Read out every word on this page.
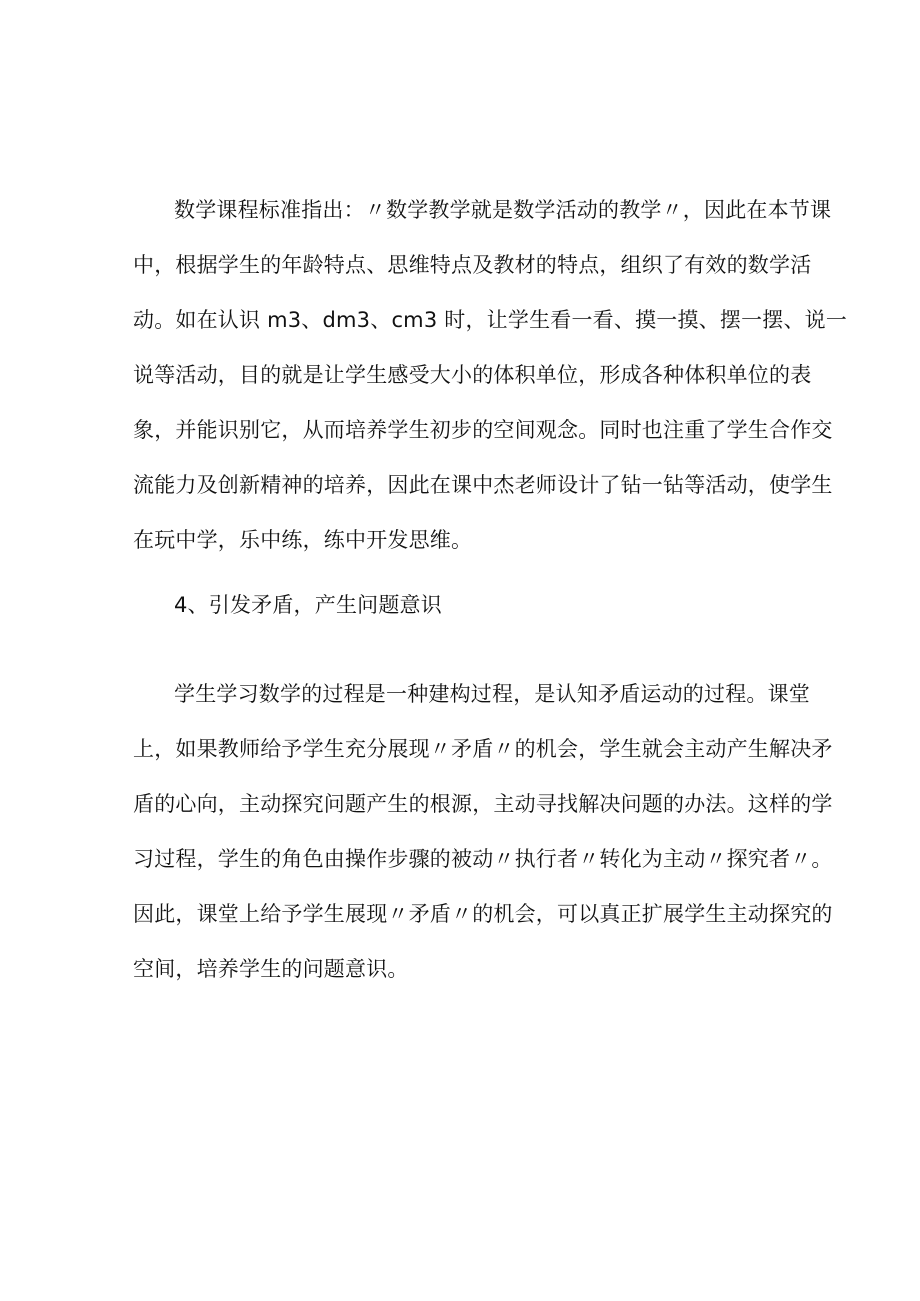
数学课程标准指出：〃数学教学就是数学活动的教学〃，因此在本节课
中，根据学生的年龄特点、思维特点及教材的特点，组织了有效的数学活
动。如在认识 m3、dm3、cm3 时，让学生看一看、摸一摸、摆一摆、说一
说等活动，目的就是让学生感受大小的体积单位，形成各种体积单位的表
象，并能识别它，从而培养学生初步的空间观念。同时也注重了学生合作交
流能力及创新精神的培养，因此在课中杰老师设计了钻一钻等活动，使学生
在玩中学，乐中练，练中开发思维。
4、引发矛盾，产生问题意识
学生学习数学的过程是一种建构过程，是认知矛盾运动的过程。课堂
上，如果教师给予学生充分展现〃矛盾〃的机会，学生就会主动产生解决矛
盾的心向，主动探究问题产生的根源，主动寻找解决问题的办法。这样的学
习过程，学生的角色由操作步骤的被动〃执行者〃转化为主动〃探究者〃。
因此，课堂上给予学生展现〃矛盾〃的机会，可以真正扩展学生主动探究的
空间，培养学生的问题意识。
